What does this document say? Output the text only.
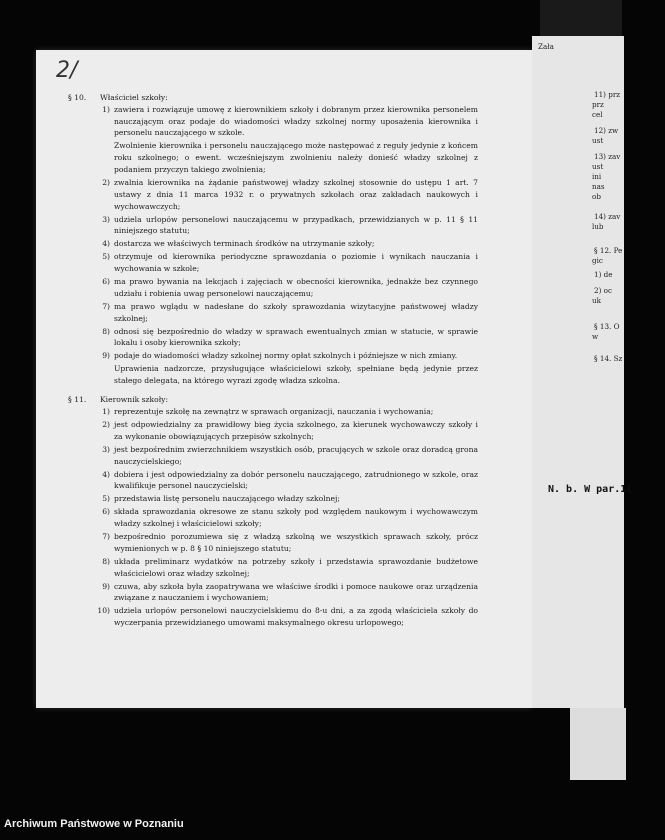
Zała
11) prz
prz
cel
12) zw
ust
13) zav
ust
ini
nas
ob
14) zav
lub
§ 12. Pe
gic
1) de
2) oc
uk
§ 13. O
w
§ 14. Sz
2/
§ 10. Właściciel szkoły:
1) zawiera i rozwiązuje umowę z kierownikiem szkoły i dobranym przez kierownika personelem nauczającym oraz podaje do wiadomości władzy szkolnej normy uposażenia kierownika i personelu nauczającego w szkole.
Zwolnienie kierownika i personelu nauczającego może następować z reguły jedynie z końcem roku szkolnego; o ewent. wcześniejszym zwolnieniu należy donieść władzy szkolnej z podaniem przyczyn takiego zwolnienia;
2) zwalnia kierownika na żądanie państwowej władzy szkolnej stosownie do ustępu 1 art. 7 ustawy z dnia 11 marca 1932 r. o prywatnych szkołach oraz zakładach naukowych i wychowawczych;
3) udziela urlopów personelowi nauczającemu w przypadkach, przewidzianych w p. 11 § 11 niniejszego statutu;
4) dostarcza we właściwych terminach środków na utrzymanie szkoły;
5) otrzymuje od kierownika periodyczne sprawozdania o poziomie i wynikach nauczania i wychowania w szkole;
6) ma prawo bywania na lekcjach i zajęciach w obecności kierownika, jednakże bez czynnego udziału i robienia uwag personelowi nauczającemu;
7) ma prawo wglądu w nadesłane do szkoły sprawozdania wizytacyjne państwowej władzy szkolnej;
8) odnosi się bezpośrednio do władzy w sprawach ewentualnych zmian w statucie, w sprawie lokalu i osoby kierownika szkoły;
9) podaje do wiadomości władzy szkolnej normy opłat szkolnych i późniejsze w nich zmiany.
Uprawienia nadzorcze, przysługujące właścicielowi szkoły, spełniane będą jedynie przez stałego delegata, na którego wyrazi zgodę władza szkolna.
§ 11. Kierownik szkoły:
1) reprezentuje szkołę na zewnątrz w sprawach organizacji, nauczania i wychowania;
2) jest odpowiedzialny za prawidłowy bieg życia szkolnego, za kierunek wychowawczy szkoły i za wykonanie obowiązujących przepisów szkolnych;
3) jest bezpośrednim zwierzchnikiem wszystkich osób, pracujących w szkole oraz doradcą grona nauczycielskiego;
4) dobiera i jest odpowiedzialny za dobór personelu nauczającego, zatrudnionego w szkole, oraz kwalifikuje personel nauczycielski;
5) przedstawia listę personelu nauczającego władzy szkolnej;
6) składa sprawozdania okresowe ze stanu szkoły pod względem naukowym i wychowawczym władzy szkolnej i właścicielowi szkoły;
7) bezpośrednio porozumiewa się z władzą szkolną we wszystkich sprawach szkoły, prócz wymienionych w p. 8 § 10 niniejszego statutu;
8) układa preliminarz wydatków na potrzeby szkoły i przedstawia sprawozdanie budżetowe właścicielowi oraz władzy szkolnej;
9) czuwa, aby szkoła była zaopatrywana we właściwe środki i pomoce naukowe oraz urządzenia związane z nauczaniem i wychowaniem;
10) udziela urlopów personelowi nauczycielskiemu do 8-u dni, a za zgodą właściciela szkoły do wyczerpania przewidzianego umowami maksymalnego okresu urlopowego;
N. b. W par.1(
Archiwum Państwowe w Poznaniu
